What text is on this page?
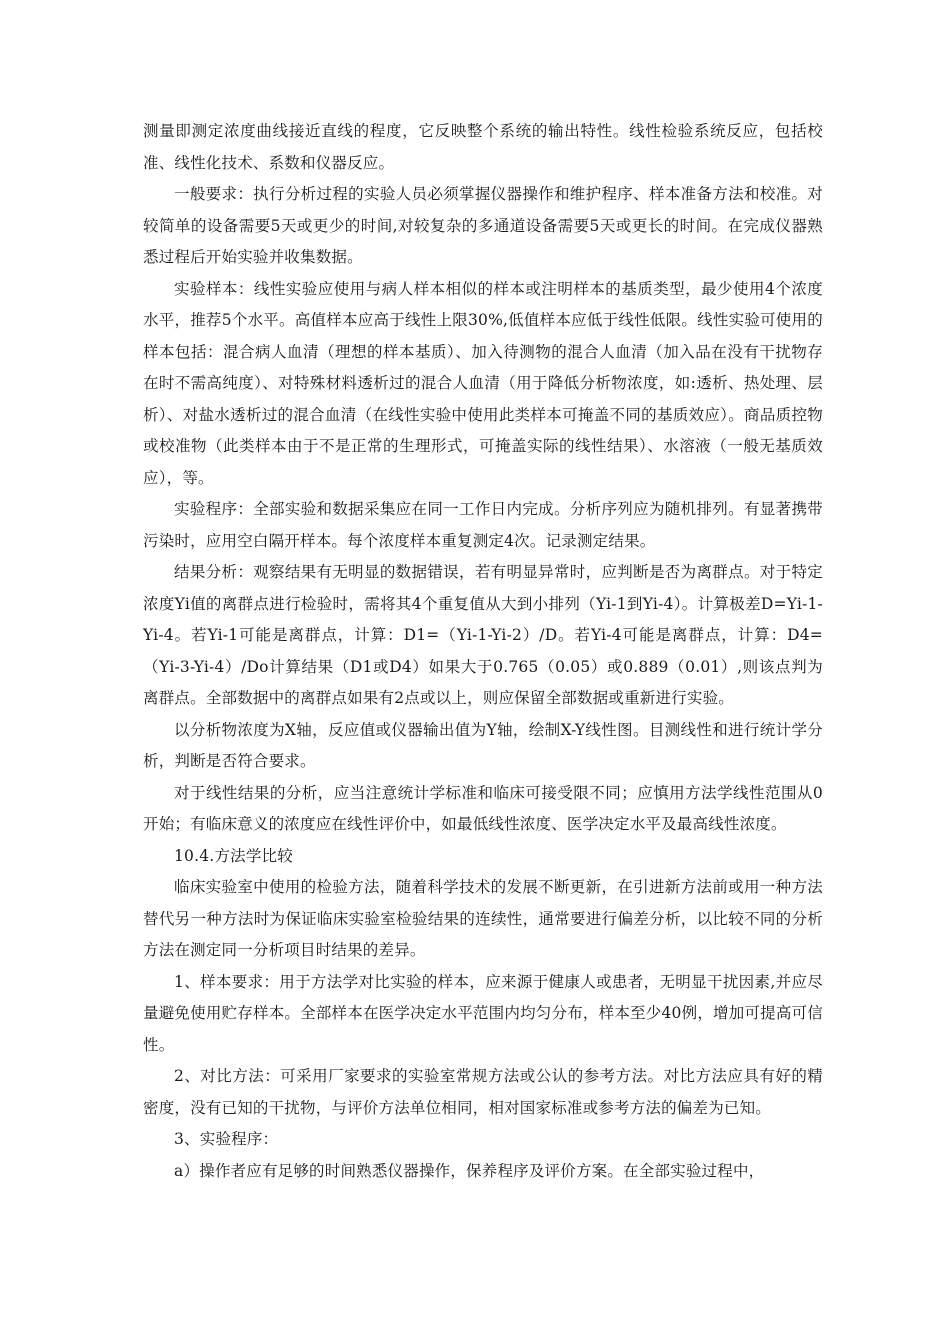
测量即测定浓度曲线接近直线的程度，它反映整个系统的输出特性。线性检验系统反应，包括校准、线性化技术、系数和仪器反应。

一般要求：执行分析过程的实验人员必须掌握仪器操作和维护程序、样本准备方法和校准。对较简单的设备需要5天或更少的时间,对较复杂的多通道设备需要5天或更长的时间。在完成仪器熟悉过程后开始实验并收集数据。

实验样本：线性实验应使用与病人样本相似的样本或注明样本的基质类型，最少使用4个浓度水平，推荐5个水平。高值样本应高于线性上限30%,低值样本应低于线性低限。线性实验可使用的样本包括：混合病人血清（理想的样本基质）、加入待测物的混合人血清（加入品在没有干扰物存在时不需高纯度）、对特殊材料透析过的混合人血清（用于降低分析物浓度，如:透析、热处理、层析）、对盐水透析过的混合血清（在线性实验中使用此类样本可掩盖不同的基质效应）。商品质控物或校准物（此类样本由于不是正常的生理形式，可掩盖实际的线性结果）、水溶液（一般无基质效应），等。

实验程序：全部实验和数据采集应在同一工作日内完成。分析序列应为随机排列。有显著携带污染时，应用空白隔开样本。每个浓度样本重复测定4次。记录测定结果。

结果分析：观察结果有无明显的数据错误，若有明显异常时，应判断是否为离群点。对于特定浓度Yi值的离群点进行检验时，需将其4个重复值从大到小排列（Yi-1到Yi-4）。计算极差D=Yi-1-Yi-4。若Yi-1可能是离群点，计算：D1=（Yi-1-Yi-2）/D。若Yi-4可能是离群点，计算：D4=（Yi-3-Yi-4）/Do计算结果（D1或D4）如果大于0.765（0.05）或0.889（0.01）,则该点判为离群点。全部数据中的离群点如果有2点或以上，则应保留全部数据或重新进行实验。

以分析物浓度为X轴，反应值或仪器输出值为Y轴，绘制X-Y线性图。目测线性和进行统计学分析，判断是否符合要求。

对于线性结果的分析，应当注意统计学标准和临床可接受限不同；应慎用方法学线性范围从0开始；有临床意义的浓度应在线性评价中，如最低线性浓度、医学决定水平及最高线性浓度。

10.4.方法学比较

临床实验室中使用的检验方法，随着科学技术的发展不断更新，在引进新方法前或用一种方法替代另一种方法时为保证临床实验室检验结果的连续性，通常要进行偏差分析，以比较不同的分析方法在测定同一分析项目时结果的差异。

1、样本要求：用于方法学对比实验的样本，应来源于健康人或患者，无明显干扰因素,并应尽量避免使用贮存样本。全部样本在医学决定水平范围内均匀分布，样本至少40例，增加可提高可信性。

2、对比方法：可采用厂家要求的实验室常规方法或公认的参考方法。对比方法应具有好的精密度，没有已知的干扰物，与评价方法单位相同，相对国家标准或参考方法的偏差为已知。

3、实验程序：

a）操作者应有足够的时间熟悉仪器操作，保养程序及评价方案。在全部实验过程中，
